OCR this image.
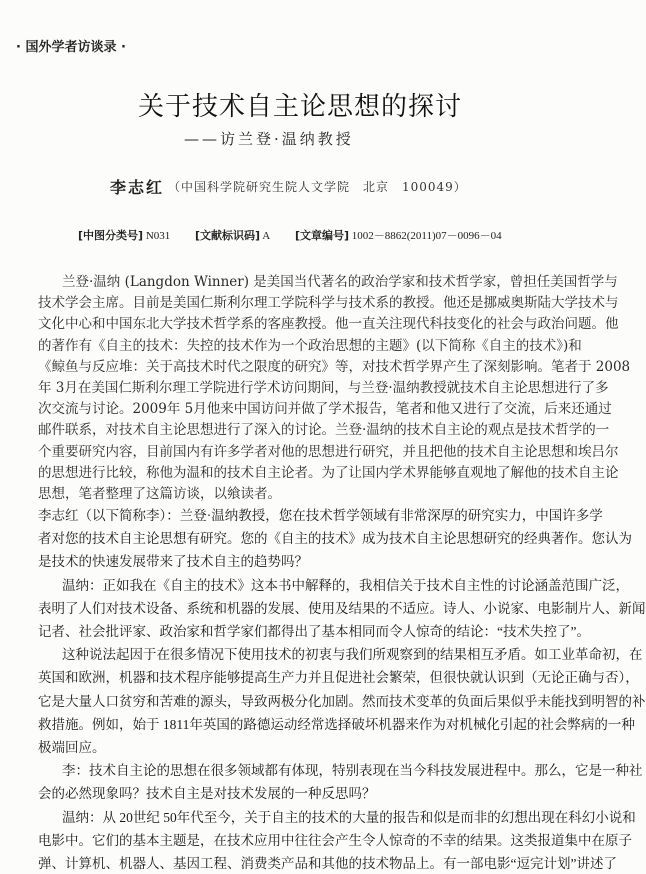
· 国外学者访谈录 ·
关于技术自主论思想的探讨
——访兰登·温纳教授
李志红 （中国科学院研究生院人文学院　北京　100049）
[中图分类号] N031 [文献标识码] A [文章编号] 1002－8862(2011)07－0096－04
兰登·温纳 (Langdon Winner) 是美国当代著名的政治学家和技术哲学家，曾担任美国哲学与
技术学会主席。目前是美国仁斯利尔理工学院科学与技术系的教授。他还是挪威奥斯陆大学技术与
文化中心和中国东北大学技术哲学系的客座教授。他一直关注现代科技变化的社会与政治问题。他
的著作有《自主的技术：失控的技术作为一个政治思想的主题》(以下简称《自主的技术》)和
《鲸鱼与反应堆：关于高技术时代之限度的研究》等，对技术哲学界产生了深刻影响。笔者于 2008
年 3月在美国仁斯利尔理工学院进行学术访问期间，与兰登·温纳教授就技术自主论思想进行了多
次交流与讨论。2009年 5月他来中国访问并做了学术报告，笔者和他又进行了交流，后来还通过
邮件联系，对技术自主论思想进行了深入的讨论。兰登·温纳的技术自主论的观点是技术哲学的一
个重要研究内容，目前国内有许多学者对他的思想进行研究，并且把他的技术自主论思想和埃吕尔
的思想进行比较，称他为温和的技术自主论者。为了让国内学术界能够直观地了解他的技术自主论
思想，笔者整理了这篇访谈，以飨读者。
李志红（以下简称李）：兰登·温纳教授，您在技术哲学领域有非常深厚的研究实力，中国许多学
者对您的技术自主论思想有研究。您的《自主的技术》成为技术自主论思想研究的经典著作。您认为
是技术的快速发展带来了技术自主的趋势吗？
温纳：正如我在《自主的技术》这本书中解释的，我相信关于技术自主性的讨论涵盖范围广泛，
表明了人们对技术设备、系统和机器的发展、使用及结果的不适应。诗人、小说家、电影制片人、新闻
记者、社会批评家、政治家和哲学家们都得出了基本相同而令人惊奇的结论：“技术失控了”。
这种说法起因于在很多情况下使用技术的初衷与我们所观察到的结果相互矛盾。如工业革命初，在
英国和欧洲，机器和技术程序能够提高生产力并且促进社会繁荣，但很快就认识到（无论正确与否），
它是大量人口贫穷和苦难的源头，导致两极分化加剧。然而技术变革的负面后果似乎未能找到明智的补
救措施。例如，始于 1811年英国的路德运动经常选择破坏机器来作为对机械化引起的社会弊病的一种
极端回应。
李：技术自主论的思想在很多领域都有体现，特别表现在当今科技发展进程中。那么，它是一种社
会的必然现象吗？技术自主是对技术发展的一种反思吗？
温纳：从 20世纪 50年代至今，关于自主的技术的大量的报告和似是而非的幻想出现在科幻小说和
电影中。它们的基本主题是，在技术应用中往往会产生令人惊奇的不幸的结果。这类报道集中在原子
弹、计算机、机器人、基因工程、消费类产品和其他的技术物品上。有一部电影“逗完计划”讲述了
